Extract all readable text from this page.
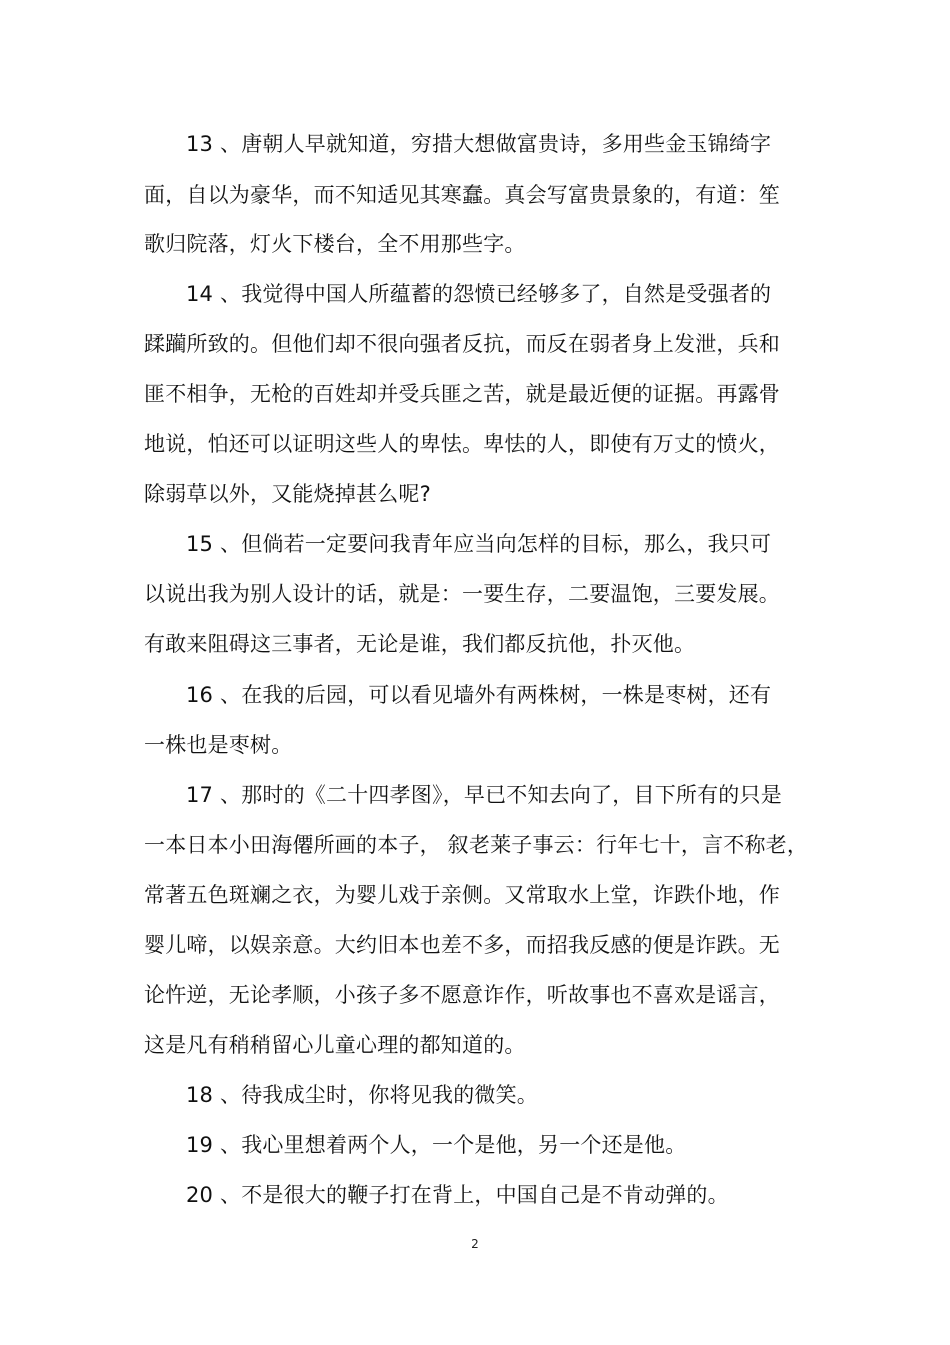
13 、唐朝人早就知道，穷措大想做富贵诗，多用些金玉锦绮字
面，自以为豪华，而不知适见其寒蠢。真会写富贵景象的，有道：笙
歌归院落，灯火下楼台，全不用那些字。
14 、我觉得中国人所蕴蓄的怨愤已经够多了，自然是受强者的
蹂躏所致的。但他们却不很向强者反抗，而反在弱者身上发泄，兵和
匪不相争，无枪的百姓却并受兵匪之苦，就是最近便的证据。再露骨
地说，怕还可以证明这些人的卑怯。卑怯的人，即使有万丈的愤火，
除弱草以外，又能烧掉甚么呢?
15 、但倘若一定要问我青年应当向怎样的目标，那么，我只可
以说出我为别人设计的话，就是：一要生存，二要温饱，三要发展。
有敢来阻碍这三事者，无论是谁，我们都反抗他，扑灭他。
16 、在我的后园，可以看见墙外有两株树，一株是枣树，还有
一株也是枣树。
17 、那时的《二十四孝图》，早已不知去向了，目下所有的只是
一本日本小田海僊所画的本子， 叙老莱子事云：行年七十，言不称老，
常著五色斑斓之衣，为婴儿戏于亲侧。又常取水上堂，诈跌仆地，作
婴儿啼，以娱亲意。大约旧本也差不多，而招我反感的便是诈跌。无
论忤逆，无论孝顺，小孩子多不愿意诈作，听故事也不喜欢是谣言，
这是凡有稍稍留心儿童心理的都知道的。
18 、待我成尘时，你将见我的微笑。
19 、我心里想着两个人，一个是他，另一个还是他。
20 、不是很大的鞭子打在背上，中国自己是不肯动弹的。
2
